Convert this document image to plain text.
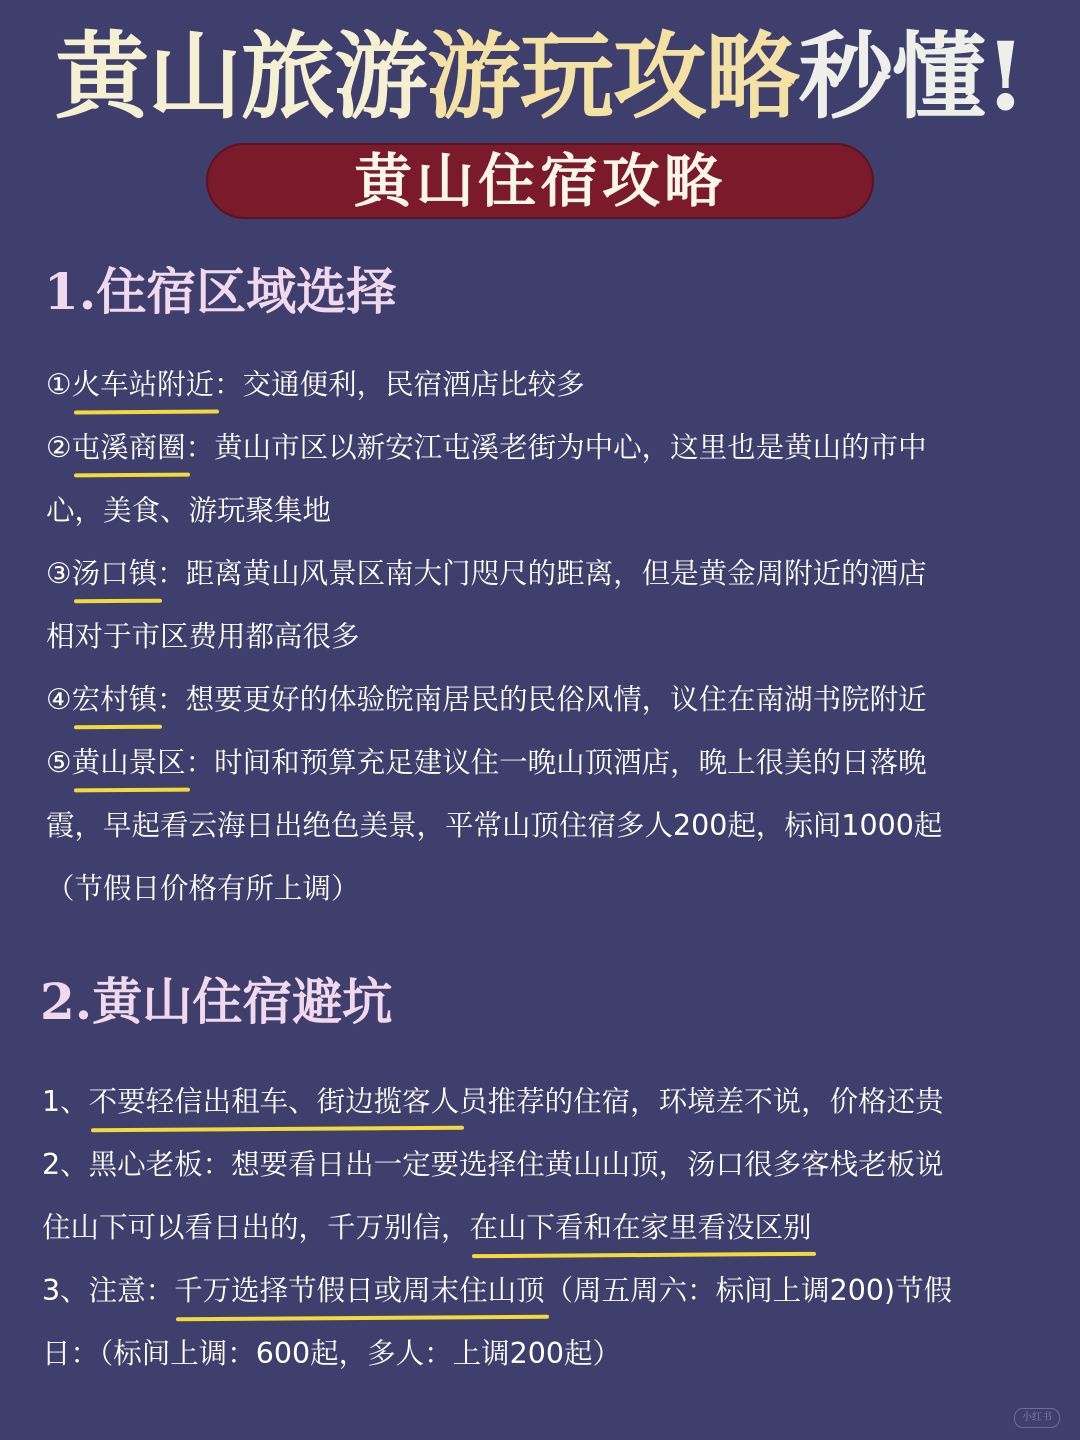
黄山旅游游玩攻略秒懂!
黄山住宿攻略
1.住宿区域选择
①火车站附近：交通便利，民宿酒店比较多
②屯溪商圈：黄山市区以新安江屯溪老街为中心，这里也是黄山的市中
心，美食、游玩聚集地
③汤口镇：距离黄山风景区南大门咫尺的距离，但是黄金周附近的酒店
相对于市区费用都高很多
④宏村镇：想要更好的体验皖南居民的民俗风情，议住在南湖书院附近
⑤黄山景区：时间和预算充足建议住一晚山顶酒店，晚上很美的日落晚
霞，早起看云海日出绝色美景，平常山顶住宿多人200起，标间1000起
（节假日价格有所上调）
2.黄山住宿避坑
1、不要轻信出租车、街边揽客人员推荐的住宿，环境差不说，价格还贵
2、黑心老板：想要看日出一定要选择住黄山山顶，汤口很多客栈老板说
住山下可以看日出的，千万别信，在山下看和在家里看没区别
3、注意：千万选择节假日或周末住山顶（周五周六：标间上调200)节假
日：（标间上调：600起，多人：上调200起）
小红书
